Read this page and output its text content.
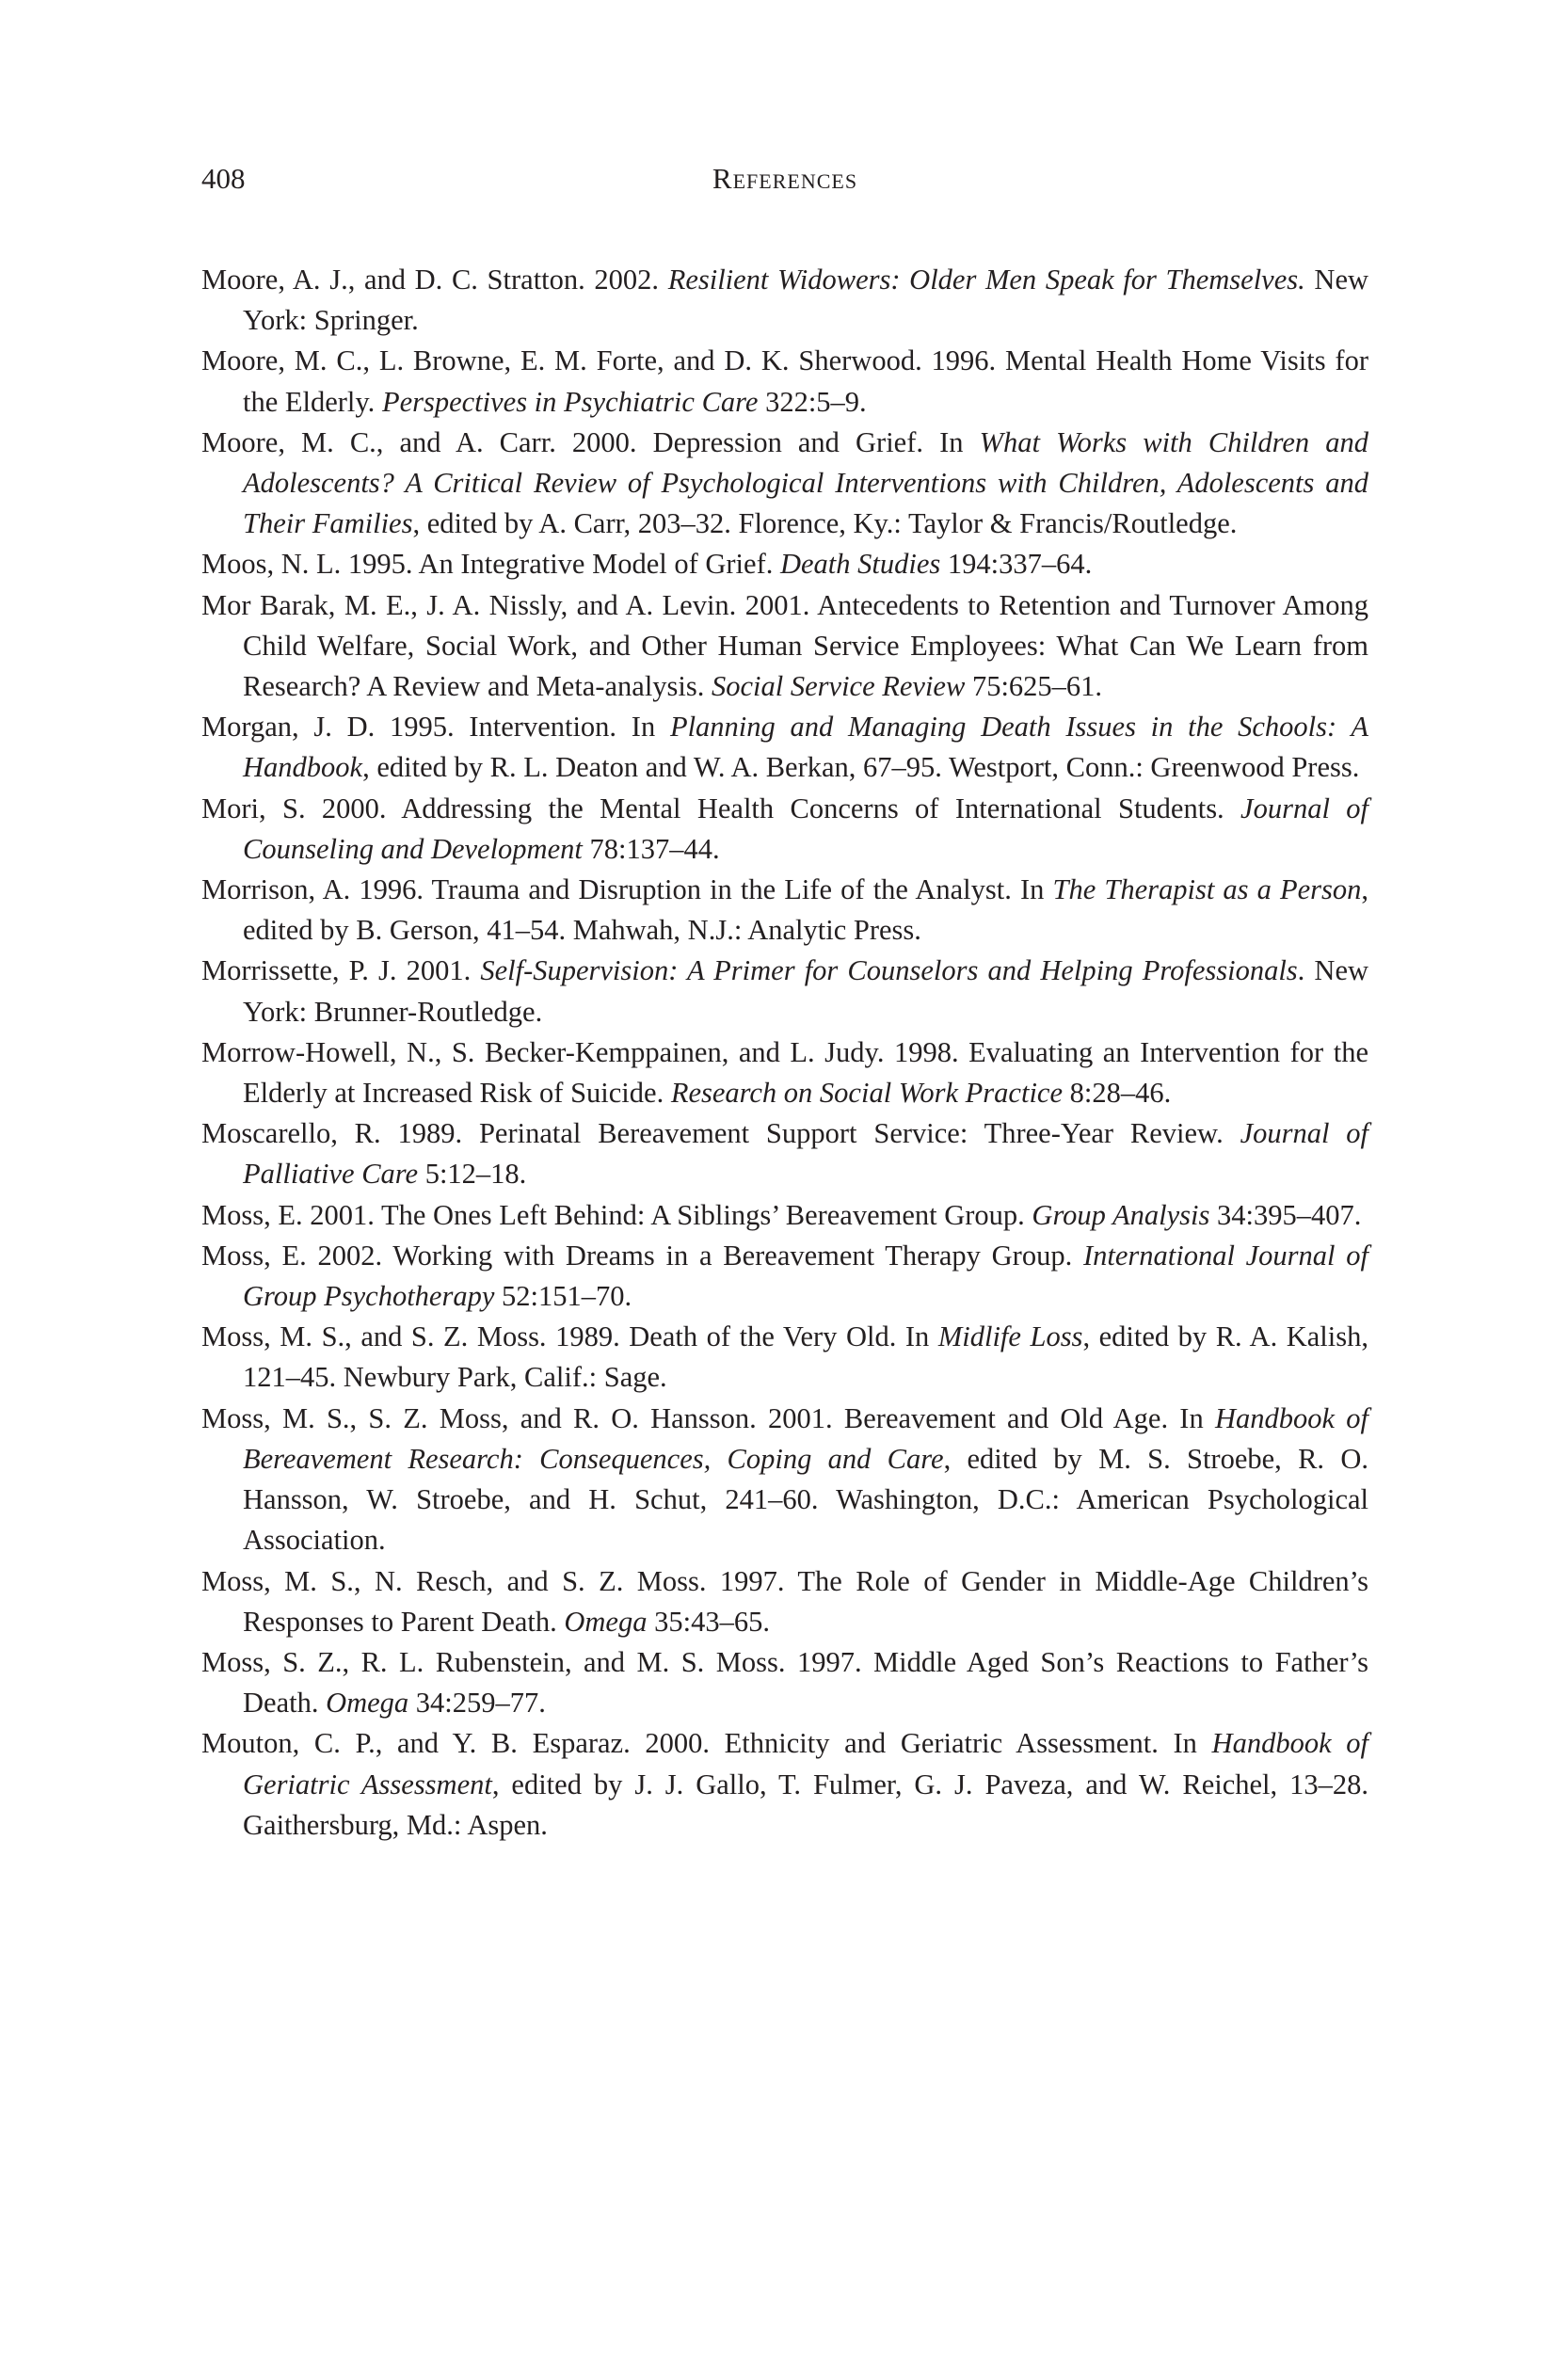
408	References
Moore, A. J., and D. C. Stratton. 2002. Resilient Widowers: Older Men Speak for Themselves. New York: Springer.
Moore, M. C., L. Browne, E. M. Forte, and D. K. Sherwood. 1996. Mental Health Home Visits for the Elderly. Perspectives in Psychiatric Care 322:5–9.
Moore, M. C., and A. Carr. 2000. Depression and Grief. In What Works with Children and Adolescents? A Critical Review of Psychological Interventions with Children, Adolescents and Their Families, edited by A. Carr, 203–32. Florence, Ky.: Taylor & Francis/Routledge.
Moos, N. L. 1995. An Integrative Model of Grief. Death Studies 194:337–64.
Mor Barak, M. E., J. A. Nissly, and A. Levin. 2001. Antecedents to Retention and Turnover Among Child Welfare, Social Work, and Other Human Service Employees: What Can We Learn from Research? A Review and Meta-analysis. Social Service Review 75:625–61.
Morgan, J. D. 1995. Intervention. In Planning and Managing Death Issues in the Schools: A Handbook, edited by R. L. Deaton and W. A. Berkan, 67–95. Westport, Conn.: Greenwood Press.
Mori, S. 2000. Addressing the Mental Health Concerns of International Students. Journal of Counseling and Development 78:137–44.
Morrison, A. 1996. Trauma and Disruption in the Life of the Analyst. In The Therapist as a Person, edited by B. Gerson, 41–54. Mahwah, N.J.: Analytic Press.
Morrissette, P. J. 2001. Self-Supervision: A Primer for Counselors and Helping Professionals. New York: Brunner-Routledge.
Morrow-Howell, N., S. Becker-Kemppainen, and L. Judy. 1998. Evaluating an Intervention for the Elderly at Increased Risk of Suicide. Research on Social Work Practice 8:28–46.
Moscarello, R. 1989. Perinatal Bereavement Support Service: Three-Year Review. Journal of Palliative Care 5:12–18.
Moss, E. 2001. The Ones Left Behind: A Siblings’ Bereavement Group. Group Analysis 34:395–407.
Moss, E. 2002. Working with Dreams in a Bereavement Therapy Group. International Journal of Group Psychotherapy 52:151–70.
Moss, M. S., and S. Z. Moss. 1989. Death of the Very Old. In Midlife Loss, edited by R. A. Kalish, 121–45. Newbury Park, Calif.: Sage.
Moss, M. S., S. Z. Moss, and R. O. Hansson. 2001. Bereavement and Old Age. In Handbook of Bereavement Research: Consequences, Coping and Care, edited by M. S. Stroebe, R. O. Hansson, W. Stroebe, and H. Schut, 241–60. Washington, D.C.: American Psychological Association.
Moss, M. S., N. Resch, and S. Z. Moss. 1997. The Role of Gender in Middle-Age Children’s Responses to Parent Death. Omega 35:43–65.
Moss, S. Z., R. L. Rubenstein, and M. S. Moss. 1997. Middle Aged Son’s Reactions to Father’s Death. Omega 34:259–77.
Mouton, C. P., and Y. B. Esparaz. 2000. Ethnicity and Geriatric Assessment. In Handbook of Geriatric Assessment, edited by J. J. Gallo, T. Fulmer, G. J. Paveza, and W. Reichel, 13–28. Gaithersburg, Md.: Aspen.
